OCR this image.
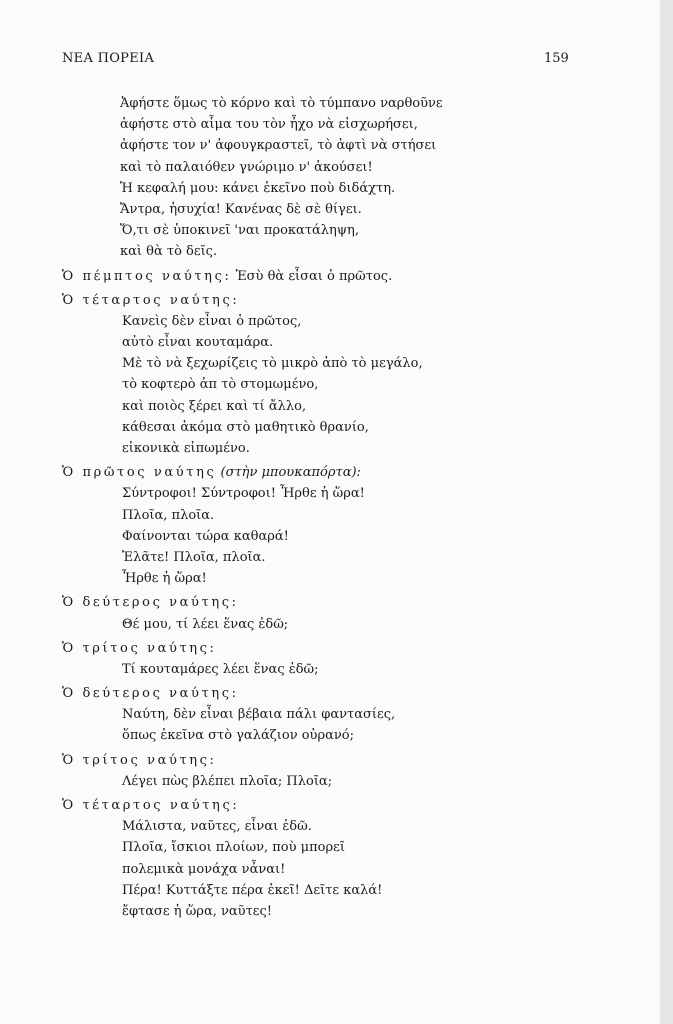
ΝΕΑ ΠΟΡΕΙΑ	159
Ἀφήστε ὅμως τὸ κόρνο καὶ τὸ τύμπανο ναρθοῦνε
ἀφήστε στὸ αἷμα του τὸν ἦχο νὰ εἰσχωρήσει,
ἀφήστε τον ν' ἀφουγκραστεῖ, τὸ ἀφτὶ νὰ στήσει
καὶ τὸ παλαιόθεν γνώριμο ν' ἀκούσει!
Ἡ κεφαλή μου: κάνει ἐκεῖνο ποὺ διδάχτη.
Ἄντρα, ἡσυχία! Κανένας δὲ σὲ θίγει.
Ὅ,τι σὲ ὑποκινεῖ 'ναι προκατάληψη,
καὶ θὰ τὸ δεῖς.
Ὁ πέμπτος ναύτης: Ἐσὺ θὰ εἶσαι ὁ πρῶτος.
Ὁ τέταρτος ναύτης:
Κανεὶς δὲν εἶναι ὁ πρῶτος,
αὐτὸ εἶναι κουταμάρα.
Μὲ τὸ νὰ ξεχωρίζεις τὸ μικρὸ ἀπὸ τὸ μεγάλο,
τὸ κοφτερὸ ἀπ τὸ στομωμένο,
καὶ ποιὸς ξέρει καὶ τί ἄλλο,
κάθεσαι ἀκόμα στὸ μαθητικὸ θρανίο,
εἰκονικὰ εἰπωμένο.
Ὁ πρῶτος ναύτης (στὴν μπουκαπόρτα):
Σύντροφοι! Σύντροφοι! Ἦρθε ἡ ὥρα!
Πλοῖα, πλοῖα.
Φαίνονται τώρα καθαρά!
Ἐλᾶτε! Πλοῖα, πλοῖα.
Ἦρθε ἡ ὥρα!
Ὁ δεύτερος ναύτης:
Θέ μου, τί λέει ἕνας ἐδῶ;
Ὁ τρίτος ναύτης:
Τί κουταμάρες λέει ἕνας ἐδῶ;
Ὁ δεύτερος ναύτης:
Ναύτη, δὲν εἶναι βέβαια πάλι φαντασίες,
ὅπως ἐκεῖνα στὸ γαλάζιον οὐρανό;
Ὁ τρίτος ναύτης:
Λέγει πὼς βλέπει πλοῖα; Πλοῖα;
Ὁ τέταρτος ναύτης:
Μάλιστα, ναῦτες, εἶναι ἐδῶ.
Πλοῖα, ἴσκιοι πλοίων, ποὺ μπορεῖ
πολεμικὰ μονάχα νἆναι!
Πέρα! Κυττάξτε πέρα ἐκεῖ! Δεῖτε καλά!
ἔφτασε ἡ ὥρα, ναῦτες!
